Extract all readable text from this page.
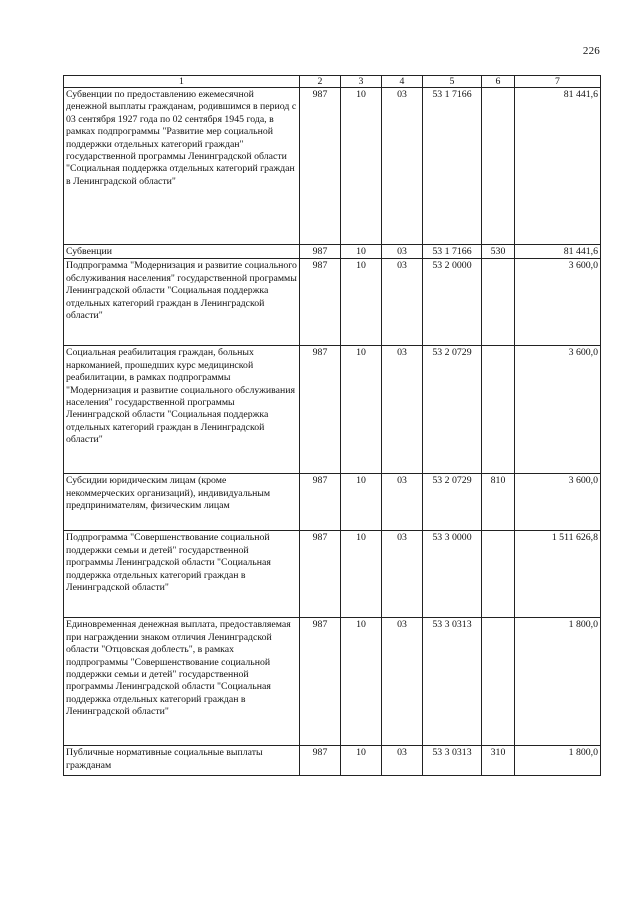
226
1	2	3	4	5	6	7
Субвенции по предоставлению ежемесячной денежной выплаты гражданам, родившимся в период с 03 сентября 1927 года по 02 сентября 1945 года, в рамках подпрограммы "Развитие мер социальной поддержки отдельных категорий граждан" государственной программы Ленинградской области "Социальная поддержка отдельных категорий граждан в Ленинградской области"	987	10	03	53 1 7166		81 441,6
Субвенции	987	10	03	53 1 7166	530	81 441,6
Подпрограмма "Модернизация и развитие социального обслуживания населения" государственной программы Ленинградской области "Социальная поддержка отдельных категорий граждан в Ленинградской области"	987	10	03	53 2 0000		3 600,0
Социальная реабилитация граждан, больных наркоманией, прошедших курс медицинской реабилитации, в рамках подпрограммы "Модернизация и развитие социального обслуживания населения" государственной программы Ленинградской области "Социальная поддержка отдельных категорий граждан в Ленинградской области"	987	10	03	53 2 0729		3 600,0
Субсидии юридическим лицам (кроме некоммерческих организаций), индивидуальным предпринимателям, физическим лицам	987	10	03	53 2 0729	810	3 600,0
Подпрограмма "Совершенствование социальной поддержки семьи и детей" государственной программы Ленинградской области "Социальная поддержка отдельных категорий граждан в Ленинградской области"	987	10	03	53 3 0000		1 511 626,8
Единовременная денежная выплата, предоставляемая при награждении знаком отличия Ленинградской области "Отцовская доблесть", в рамках подпрограммы "Совершенствование социальной поддержки семьи и детей" государственной программы Ленинградской области "Социальная поддержка отдельных категорий граждан в Ленинградской области"	987	10	03	53 3 0313		1 800,0
Публичные нормативные социальные выплаты гражданам	987	10	03	53 3 0313	310	1 800,0
